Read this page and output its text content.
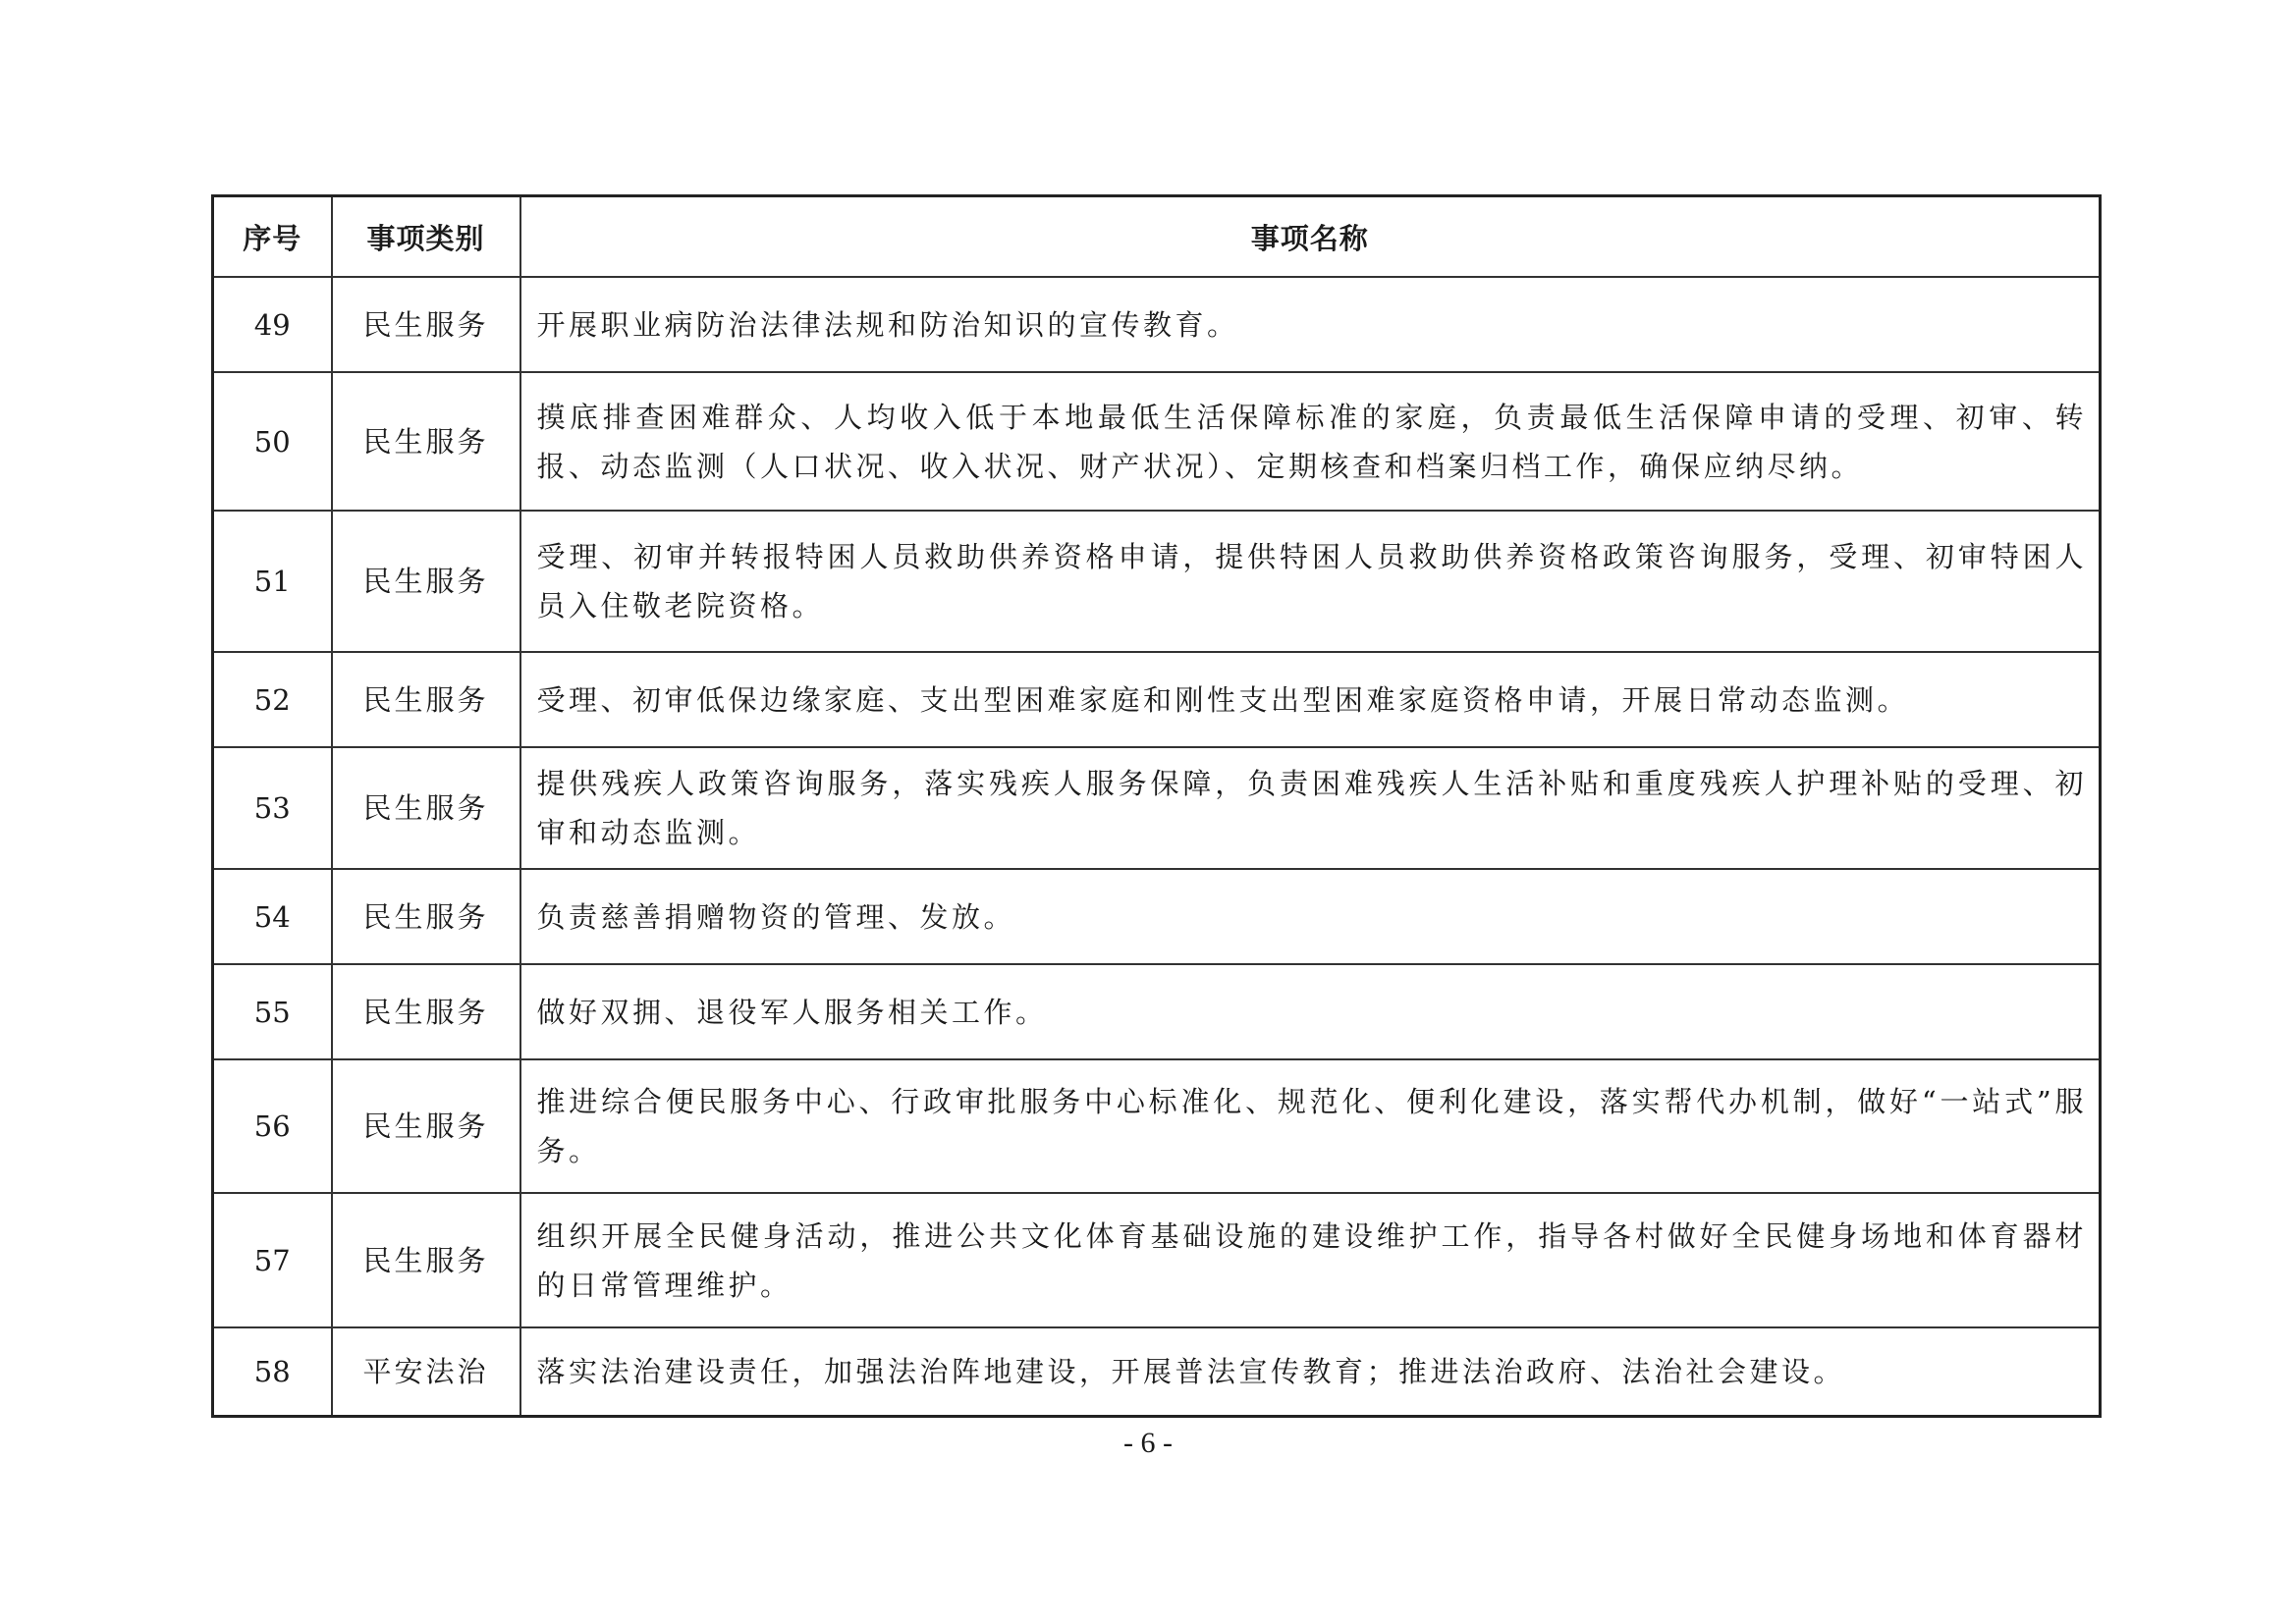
序号	事项类别	事项名称
49	民生服务	开展职业病防治法律法规和防治知识的宣传教育。
50	民生服务	摸底排查困难群众、人均收入低于本地最低生活保障标准的家庭，负责最低生活保障申请的受理、初审、转报、动态监测（人口状况、收入状况、财产状况）、定期核查和档案归档工作，确保应纳尽纳。
51	民生服务	受理、初审并转报特困人员救助供养资格申请，提供特困人员救助供养资格政策咨询服务，受理、初审特困人员入住敬老院资格。
52	民生服务	受理、初审低保边缘家庭、支出型困难家庭和刚性支出型困难家庭资格申请，开展日常动态监测。
53	民生服务	提供残疾人政策咨询服务，落实残疾人服务保障，负责困难残疾人生活补贴和重度残疾人护理补贴的受理、初审和动态监测。
54	民生服务	负责慈善捐赠物资的管理、发放。
55	民生服务	做好双拥、退役军人服务相关工作。
56	民生服务	推进综合便民服务中心、行政审批服务中心标准化、规范化、便利化建设，落实帮代办机制，做好“一站式”服务。
57	民生服务	组织开展全民健身活动，推进公共文化体育基础设施的建设维护工作，指导各村做好全民健身场地和体育器材的日常管理维护。
58	平安法治	落实法治建设责任，加强法治阵地建设，开展普法宣传教育；推进法治政府、法治社会建设。
- 6 -
